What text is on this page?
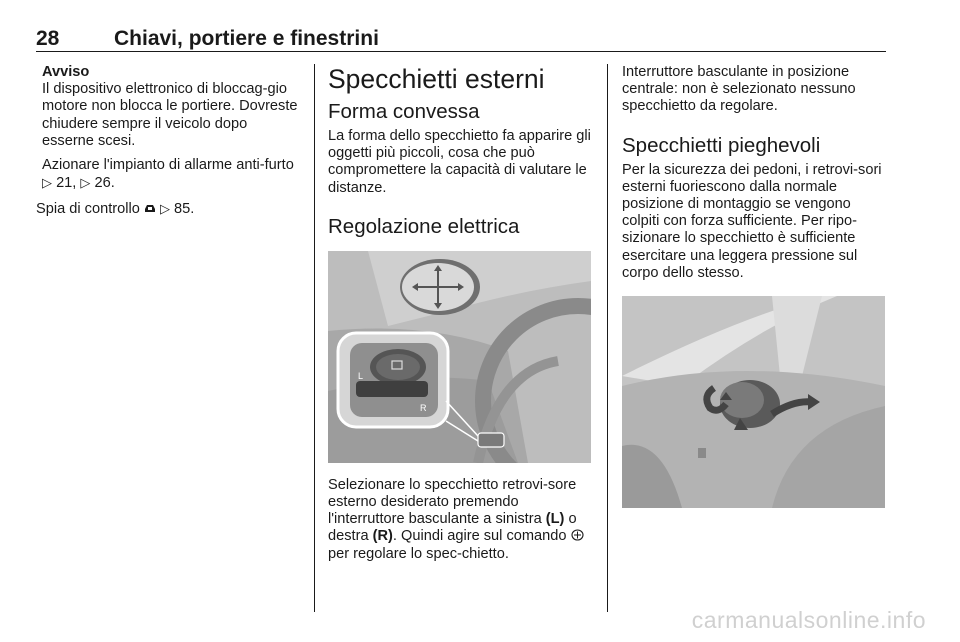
28	Chiavi, portiere e finestrini
Avviso

Il dispositivo elettronico di bloccag-gio motore non blocca le portiere. Dovreste chiudere sempre il veicolo dopo esserne scesi.

Azionare l'impianto di allarme anti-furto ▷ 21, ▷ 26.

Spia di controllo ▷ 85.

Specchietti esterni
Forma convessa

La forma dello specchietto fa apparire gli oggetti più piccoli, cosa che può compromettere la capacità di valutare le distanze.

Regolazione elettrica
L
R

Selezionare lo specchietto retrovi-sore esterno desiderato premendo l'interruttore basculante a sinistra (L) o destra (R). Quindi agire sul comando  per regolare lo spec-chietto.

Interruttore basculante in posizione centrale: non è selezionato nessuno specchietto da regolare.

Specchietti pieghevoli

Per la sicurezza dei pedoni, i retrovi-sori esterni fuoriescono dalla normale posizione di montaggio se vengono colpiti con forza sufficiente. Per ripo-sizionare lo specchietto è sufficiente esercitare una leggera pressione sul corpo dello stesso.

carmanualsonline.info
